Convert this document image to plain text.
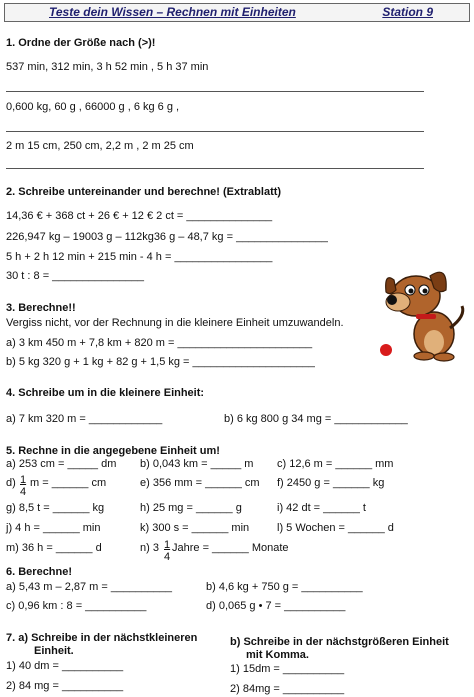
Teste dein Wissen – Rechnen mit Einheiten	Station 9
1. Ordne der Größe nach (>)!
537 min, 312 min, 3 h 52 min , 5 h 37 min
0,600 kg, 60 g , 66000 g , 6 kg 6 g ,
2 m 15 cm, 250 cm, 2,2 m , 2 m 25 cm
2. Schreibe untereinander und berechne! (Extrablatt)
14,36 € + 368 ct + 26 € + 12 € 2 ct = ______________
226,947 kg – 19003 g – 112kg36 g – 48,7 kg = _______________
5 h + 2 h 12 min + 215 min - 4 h = ________________
30 t : 8 = _______________
3. Berechne!!
Vergiss nicht, vor der Rechnung in die kleinere Einheit umzuwandeln.
a) 3 km 450 m + 7,8 km + 820 m = ______________________
b) 5 kg 320 g + 1 kg + 82 g + 1,5 kg = ____________________
4. Schreibe um in die kleinere Einheit:
a) 7 km 320 m = ____________	b) 6 kg 800 g 34 mg = ____________
5. Rechne in die angegebene Einheit um!
a) 253 cm = _____ dm b) 0,043 km = _____ m c) 12,6 m = ______ mm
d) 1
4
m = ______ cm	e) 356 mm = ______ cm f) 2450 g = ______ kg
g) 8,5 t = ______ kg	h) 25 mg = ______ g	i) 42 dt = ______ t
j) 4 h = ______ min	k) 300 s = ______ min	l) 5 Wochen = ______ d
m) 36 h = ______ d	n) 3 1
4
Jahre = ______ Monate
6. Berechne!
a) 5,43 m – 2,87 m = __________	b) 4,6 kg + 750 g = __________
c) 0,96 km : 8 = __________	d) 0,065 g • 7 = __________
7. a) Schreibe in der nächstkleineren
Einheit.
1) 40 dm = __________
2) 84 mg = __________
b) Schreibe in der nächstgrößeren Einheit
mit Komma.
1) 15dm = __________
2) 84mg = __________
